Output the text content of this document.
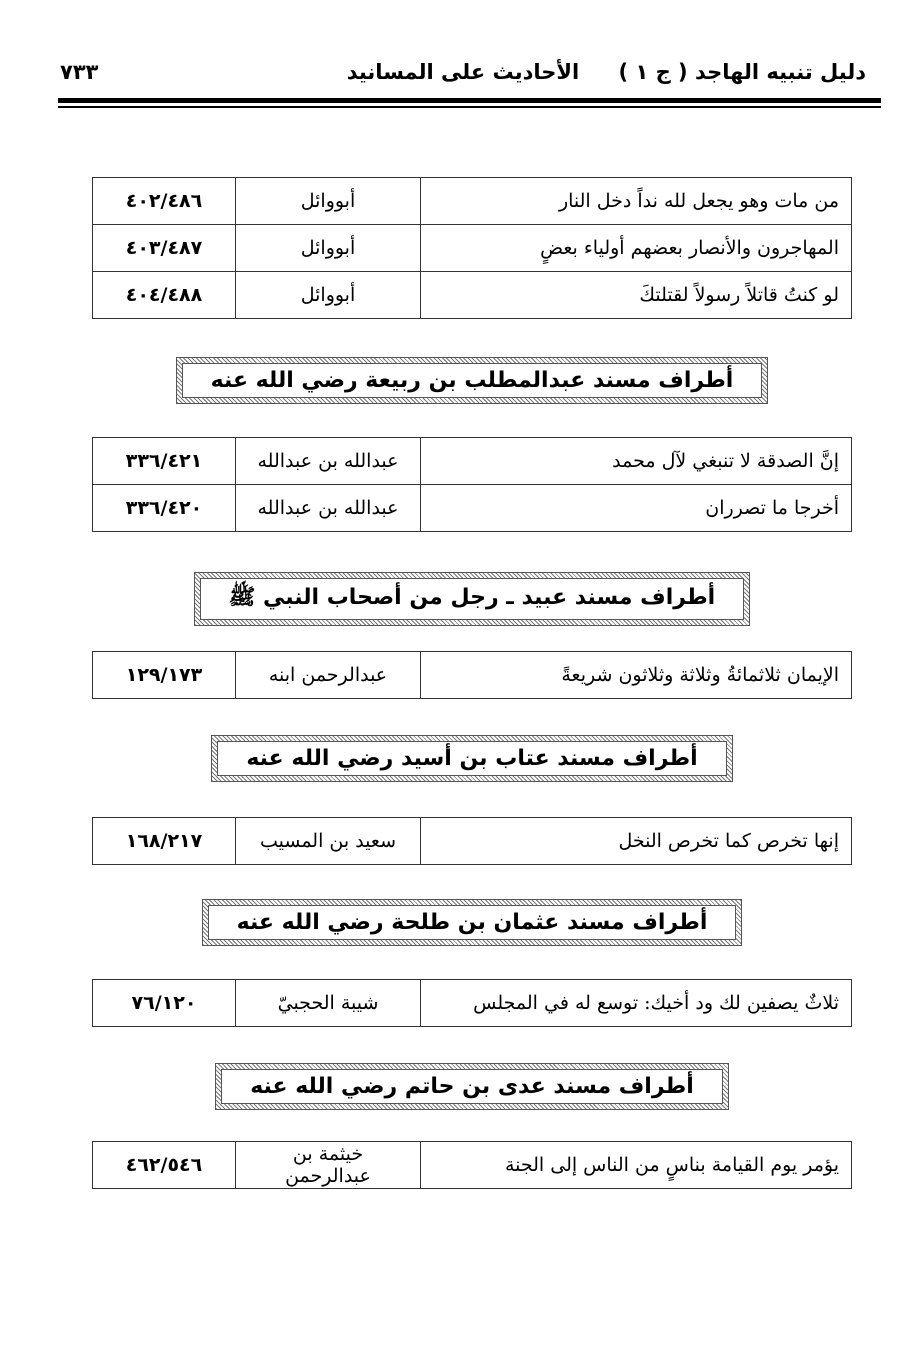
دليل تنبيه الهاجد ( ج ١ )
الأحاديث على المسانيد
٧٣٣
من مات وهو يجعل لله نداً دخل النار	أبووائل	٤٠٢/٤٨٦
المهاجرون والأنصار بعضهم أولياء بعضٍ	أبووائل	٤٠٣/٤٨٧
لو كنتُ قاتلاً رسولاً لقتلتكَ	أبووائل	٤٠٤/٤٨٨
أطراف مسند عبدالمطلب بن ربيعة رضي الله عنه
إنَّ الصدقة لا تنبغي لآل محمد	عبدالله بن عبدالله	٣٣٦/٤٢١
أخرجا ما تصرران	عبدالله بن عبدالله	٣٣٦/٤٢٠
أطراف مسند عبيد ـ رجل من أصحاب النبي ﷺ
الإيمان ثلاثمائةُ وثلاثة وثلاثون شريعةً	عبدالرحمن ابنه	١٢٩/١٧٣
أطراف مسند عتاب بن أسيد رضي الله عنه
إنها تخرص كما تخرص النخل	سعيد بن المسيب	١٦٨/٢١٧
أطراف مسند عثمان بن طلحة رضي الله عنه
ثلاثٌ يصفين لك ود أخيك: توسع له في المجلس	شيبة الحجبيّ	٧٦/١٢٠
أطراف مسند عدى بن حاتم رضي الله عنه
يؤمر يوم القيامة بناسٍ من الناس إلى الجنة	خيثمة بن عبدالرحمن	٤٦٢/٥٤٦
